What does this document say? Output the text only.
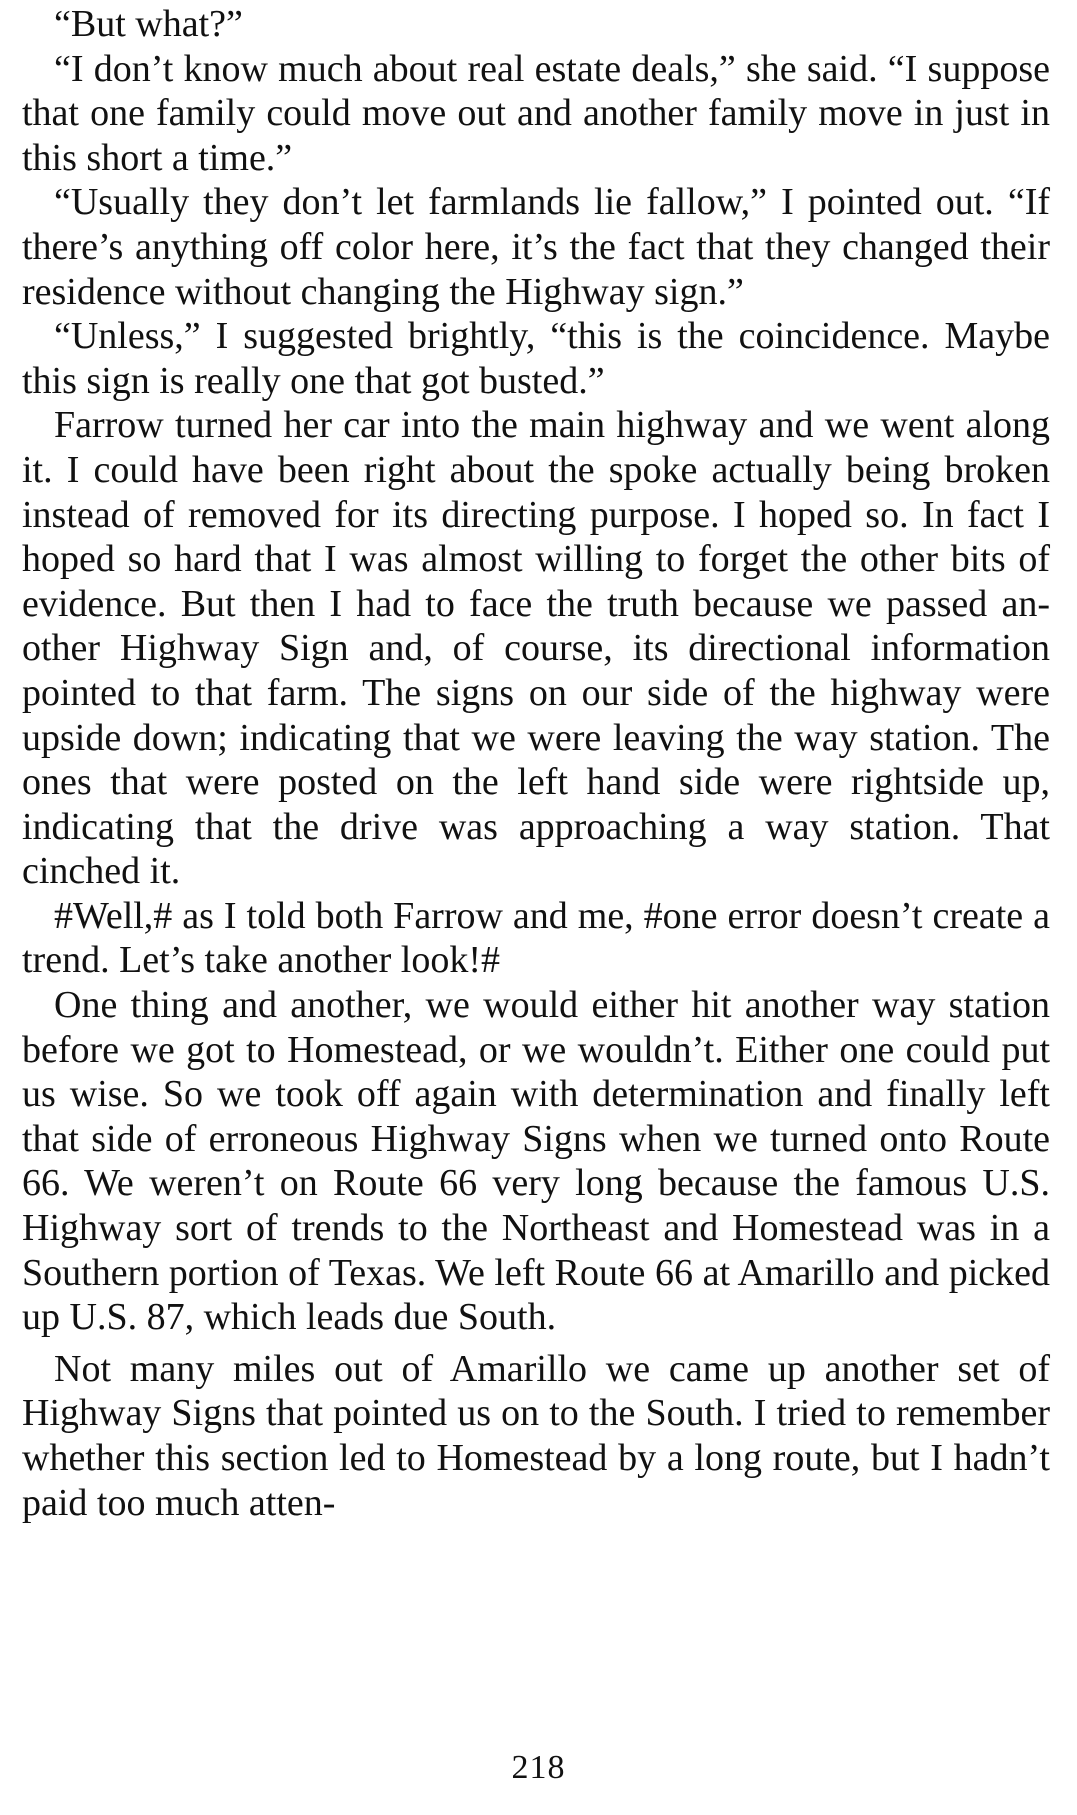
“But what?”

“I don’t know much about real estate deals,” she said. “I suppose that one family could move out and another family move in just in this short a time.”

“Usually they don’t let farmlands lie fallow,” I pointed out. “If there’s anything off color here, it’s the fact that they changed their residence without changing the Highway sign.”

“Unless,” I suggested brightly, “this is the coincidence. Maybe this sign is really one that got busted.”

Farrow turned her car into the main highway and we went along it. I could have been right about the spoke actually being broken instead of removed for its directing purpose. I hoped so. In fact I hoped so hard that I was almost willing to forget the other bits of evidence. But then I had to face the truth because we passed another Highway Sign and, of course, its directional information pointed to that farm. The signs on our side of the highway were upside down; indicating that we were leaving the way station. The ones that were posted on the left hand side were rightside up, indicating that the drive was approaching a way station. That cinched it.

#Well,# as I told both Farrow and me, #one error doesn’t create a trend. Let’s take another look!#

One thing and another, we would either hit another way station before we got to Homestead, or we wouldn’t. Either one could put us wise. So we took off again with determination and finally left that side of erroneous Highway Signs when we turned onto Route 66. We weren’t on Route 66 very long because the famous U.S. Highway sort of trends to the Northeast and Homestead was in a Southern portion of Texas. We left Route 66 at Amarillo and picked up U.S. 87, which leads due South.

Not many miles out of Amarillo we came up another set of Highway Signs that pointed us on to the South. I tried to remember whether this section led to Homestead by a long route, but I hadn’t paid too much atten-

218
